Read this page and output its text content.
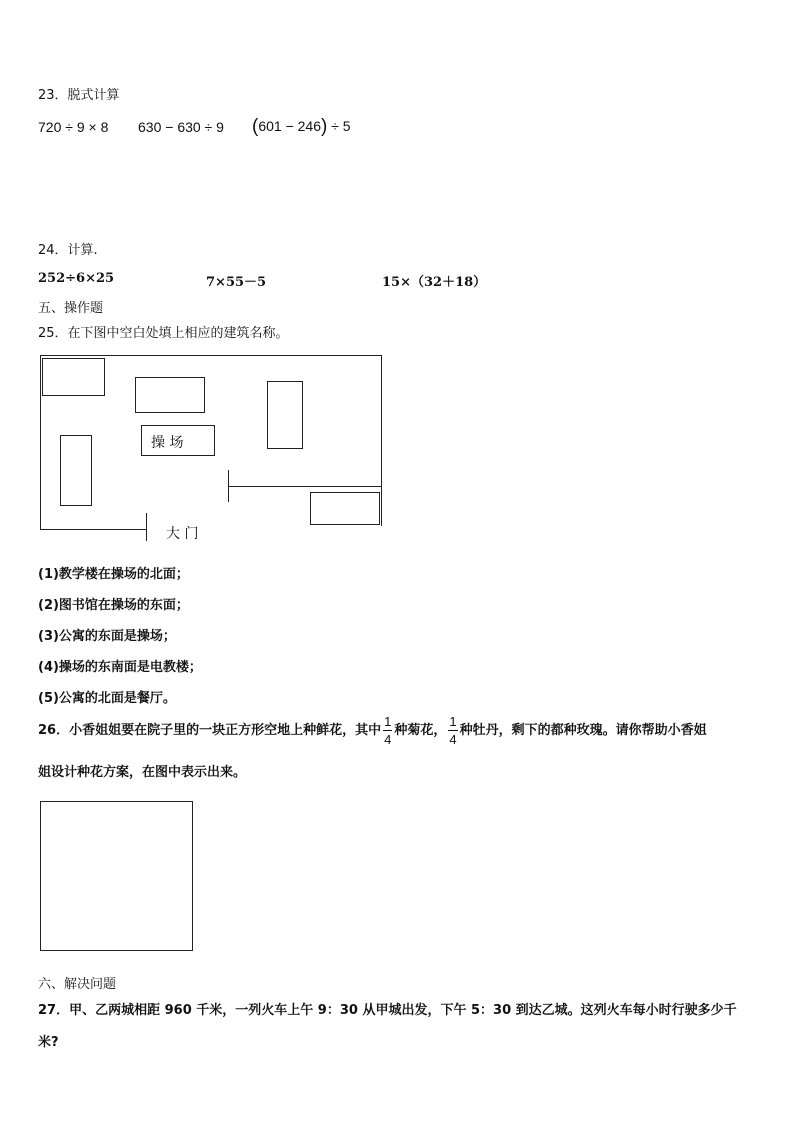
23．脱式计算
720 ÷ 9 × 8 630 − 630 ÷ 9 (601 − 246) ÷ 5
24．计算.
252÷6×25	7×55－5	15×（32＋18）
五、操作题
25．在下图中空白处填上相应的建筑名称。
大 门
操 场
(1)教学楼在操场的北面；
(2)图书馆在操场的东面；
(3)公寓的东面是操场；
(4)操场的东南面是电教楼；
(5)公寓的北面是餐厅。
26．小香姐姐要在院子里的一块正方形空地上种鲜花，其中 $\frac{1}{4}$ 种菊花， $\frac{1}{4}$ 种牡丹，剩下的都种玫瑰。请你帮助小香姐
姐设计种花方案，在图中表示出来。
六、解决问题
27．甲、乙两城相距 960 千米，一列火车上午 9：30 从甲城出发，下午 5：30 到达乙城。这列火车每小时行驶多少千
米?
